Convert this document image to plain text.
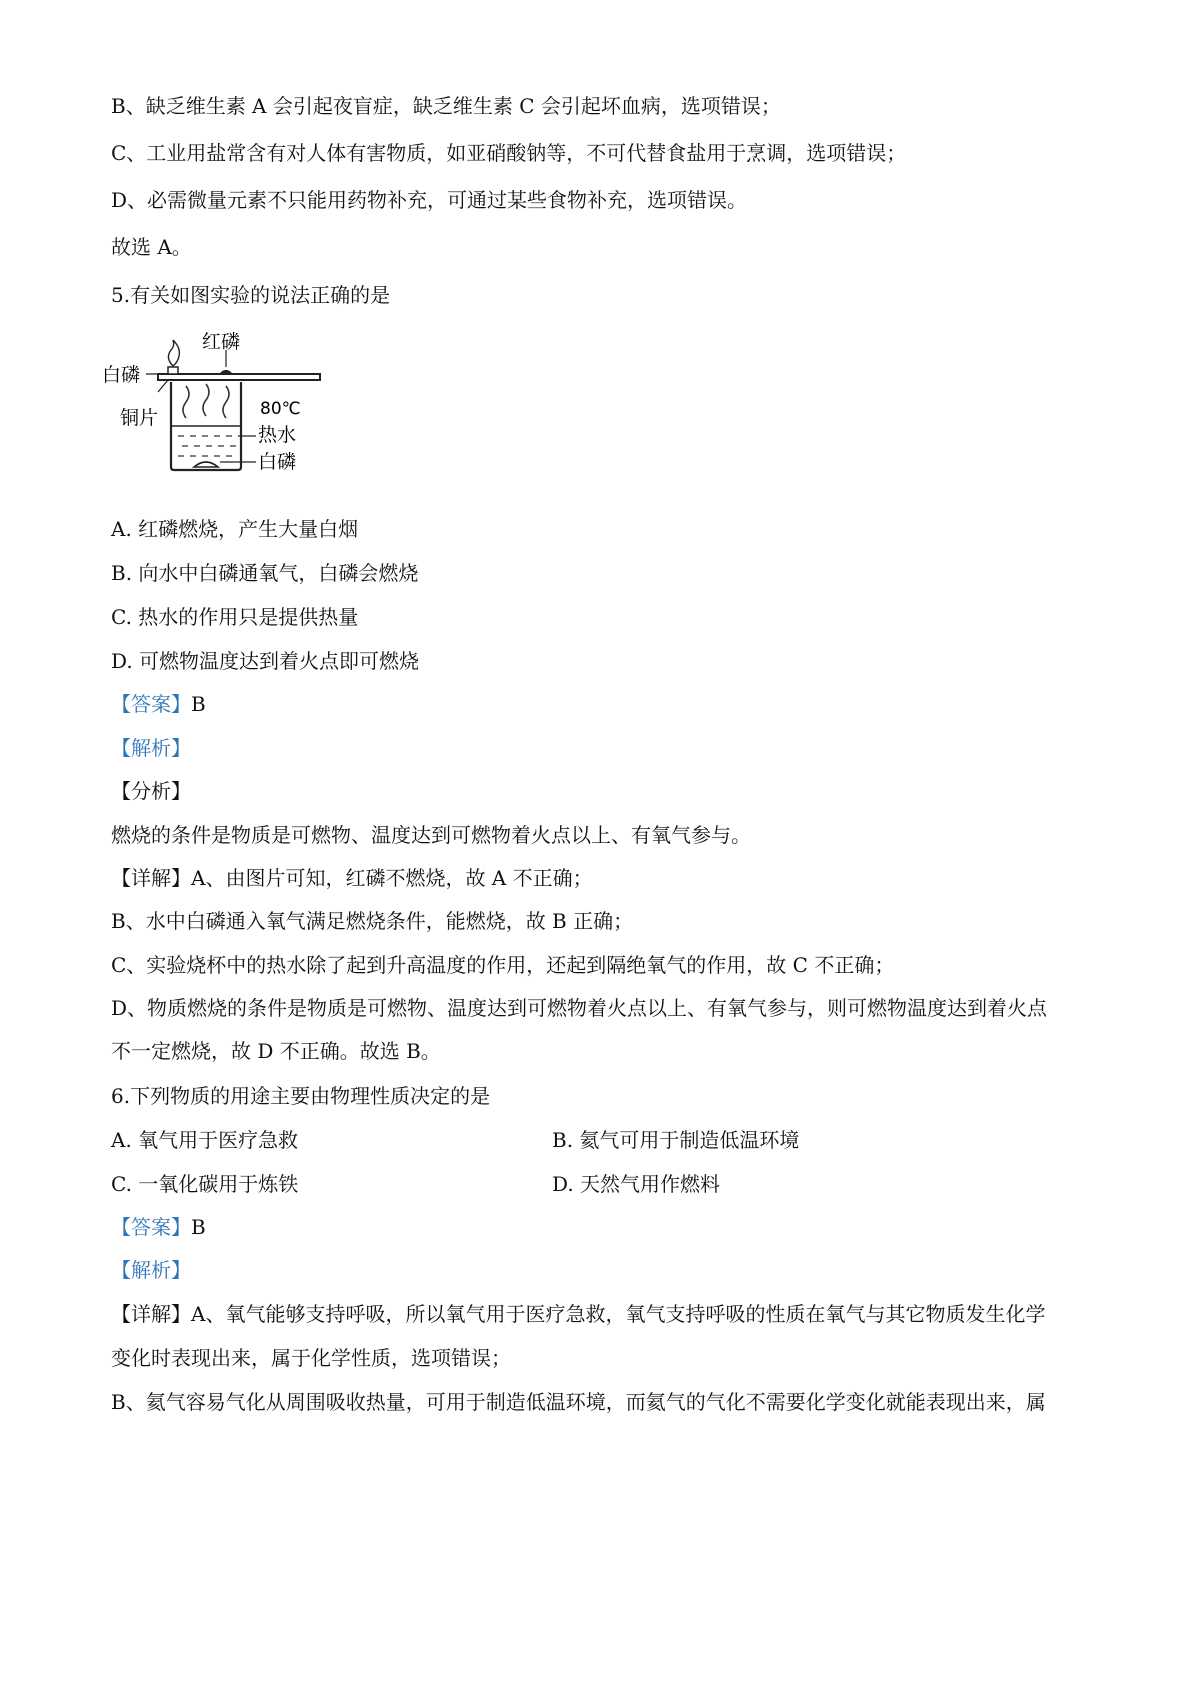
B、缺乏维生素 A 会引起夜盲症，缺乏维生素 C 会引起坏血病，选项错误；
C、工业用盐常含有对人体有害物质，如亚硝酸钠等，不可代替食盐用于烹调，选项错误；
D、必需微量元素不只能用药物补充，可通过某些食物补充，选项错误。
故选 A。
5.有关如图实验的说法正确的是
红磷
白磷
铜片	80℃
热水
白磷
A. 红磷燃烧，产生大量白烟
B. 向水中白磷通氧气，白磷会燃烧
C. 热水的作用只是提供热量
D. 可燃物温度达到着火点即可燃烧
【答案】B
【解析】
【分析】
燃烧的条件是物质是可燃物、温度达到可燃物着火点以上、有氧气参与。
【详解】A、由图片可知，红磷不燃烧，故 A 不正确；
B、水中白磷通入氧气满足燃烧条件，能燃烧，故 B 正确；
C、实验烧杯中的热水除了起到升高温度的作用，还起到隔绝氧气的作用，故 C 不正确；
D、物质燃烧的条件是物质是可燃物、温度达到可燃物着火点以上、有氧气参与，则可燃物温度达到着火点
不一定燃烧，故 D 不正确。故选 B。
6.下列物质的用途主要由物理性质决定的是
A. 氧气用于医疗急救	B. 氦气可用于制造低温环境
C. 一氧化碳用于炼铁	D. 天然气用作燃料
【答案】B
【解析】
【详解】A、氧气能够支持呼吸，所以氧气用于医疗急救，氧气支持呼吸的性质在氧气与其它物质发生化学
变化时表现出来，属于化学性质，选项错误；
B、氦气容易气化从周围吸收热量，可用于制造低温环境，而氦气的气化不需要化学变化就能表现出来，属
